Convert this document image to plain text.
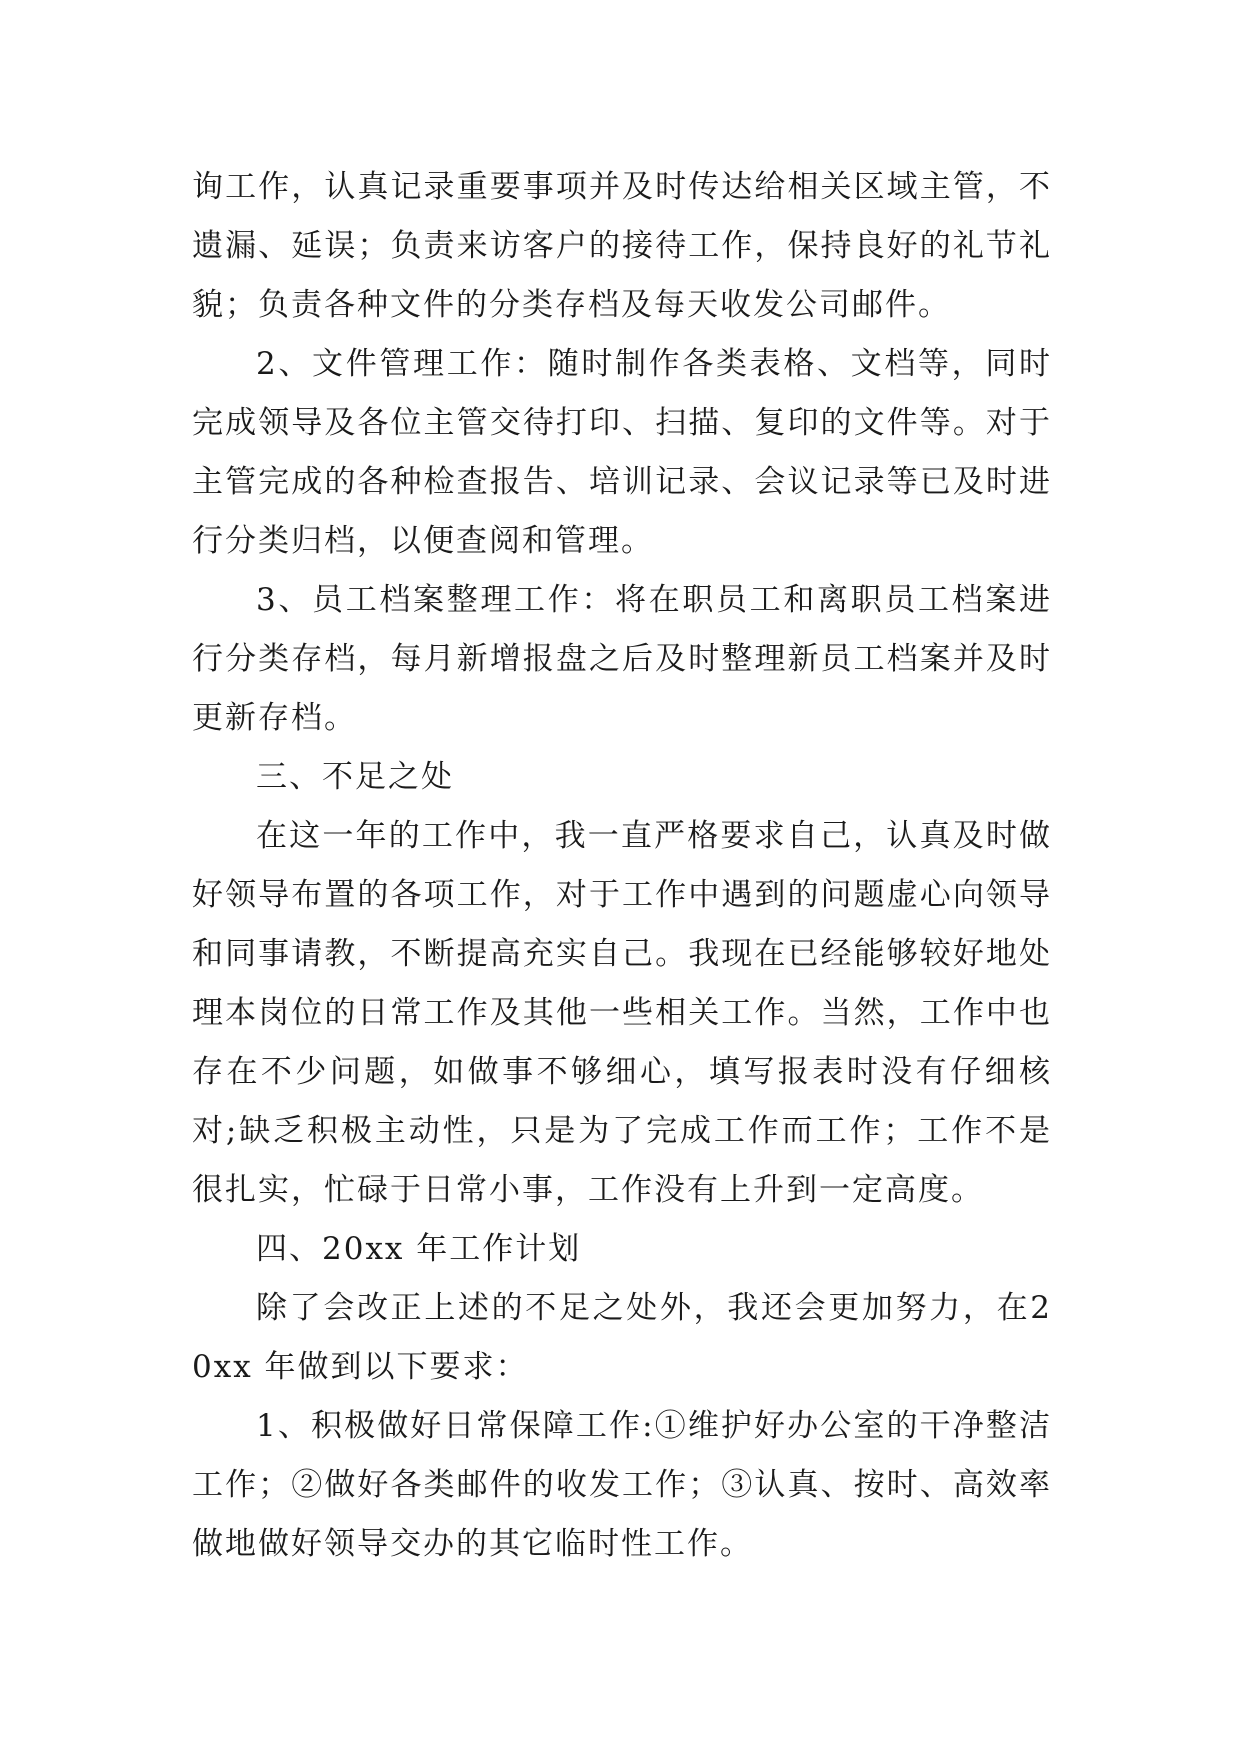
询工作，认真记录重要事项并及时传达给相关区域主管，不遗漏、延误；负责来访客户的接待工作，保持良好的礼节礼貌；负责各种文件的分类存档及每天收发公司邮件。

2、文件管理工作：随时制作各类表格、文档等，同时完成领导及各位主管交待打印、扫描、复印的文件等。对于主管完成的各种检查报告、培训记录、会议记录等已及时进行分类归档，以便查阅和管理。

3、员工档案整理工作：将在职员工和离职员工档案进行分类存档，每月新增报盘之后及时整理新员工档案并及时更新存档。

三、不足之处

在这一年的工作中，我一直严格要求自己，认真及时做好领导布置的各项工作，对于工作中遇到的问题虚心向领导和同事请教，不断提高充实自己。我现在已经能够较好地处理本岗位的日常工作及其他一些相关工作。当然，工作中也存在不少问题，如做事不够细心，填写报表时没有仔细核对;缺乏积极主动性，只是为了完成工作而工作；工作不是很扎实，忙碌于日常小事，工作没有上升到一定高度。

四、20xx 年工作计划

除了会改正上述的不足之处外，我还会更加努力，在20xx 年做到以下要求：

1、积极做好日常保障工作:①维护好办公室的干净整洁工作；②做好各类邮件的收发工作；③认真、按时、高效率做地做好领导交办的其它临时性工作。
